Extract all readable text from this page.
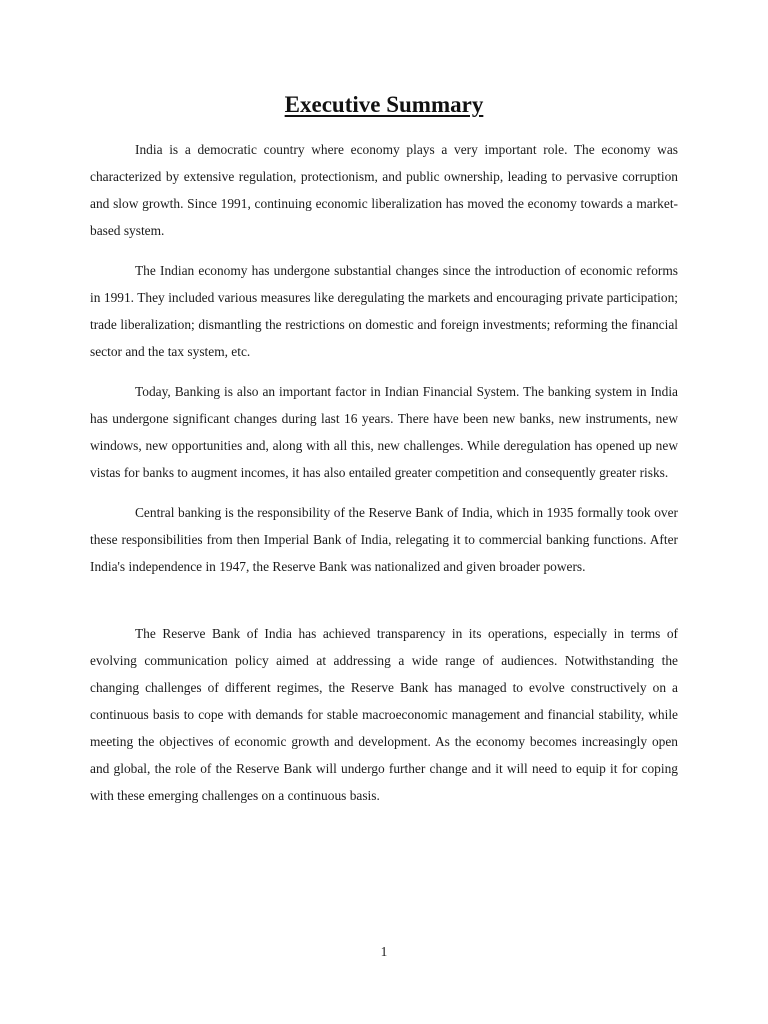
Executive Summary

India is a democratic country where economy plays a very important role. The economy was characterized by extensive regulation, protectionism, and public ownership, leading to pervasive corruption and slow growth. Since 1991, continuing economic liberalization has moved the economy towards a market-based system.

The Indian economy has undergone substantial changes since the introduction of economic reforms in 1991. They included various measures like deregulating the markets and encouraging private participation; trade liberalization; dismantling the restrictions on domestic and foreign investments; reforming the financial sector and the tax system, etc.

Today, Banking is also an important factor in Indian Financial System. The banking system in India has undergone significant changes during last 16 years. There have been new banks, new instruments, new windows, new opportunities and, along with all this, new challenges. While deregulation has opened up new vistas for banks to augment incomes, it has also entailed greater competition and consequently greater risks.

Central banking is the responsibility of the Reserve Bank of India, which in 1935 formally took over these responsibilities from then Imperial Bank of India, relegating it to commercial banking functions. After India's independence in 1947, the Reserve Bank was nationalized and given broader powers.

The Reserve Bank of India has achieved transparency in its operations, especially in terms of evolving communication policy aimed at addressing a wide range of audiences. Notwithstanding the changing challenges of different regimes, the Reserve Bank has managed to evolve constructively on a continuous basis to cope with demands for stable macroeconomic management and financial stability, while meeting the objectives of economic growth and development. As the economy becomes increasingly open and global, the role of the Reserve Bank will undergo further change and it will need to equip it for coping with these emerging challenges on a continuous basis.

1
